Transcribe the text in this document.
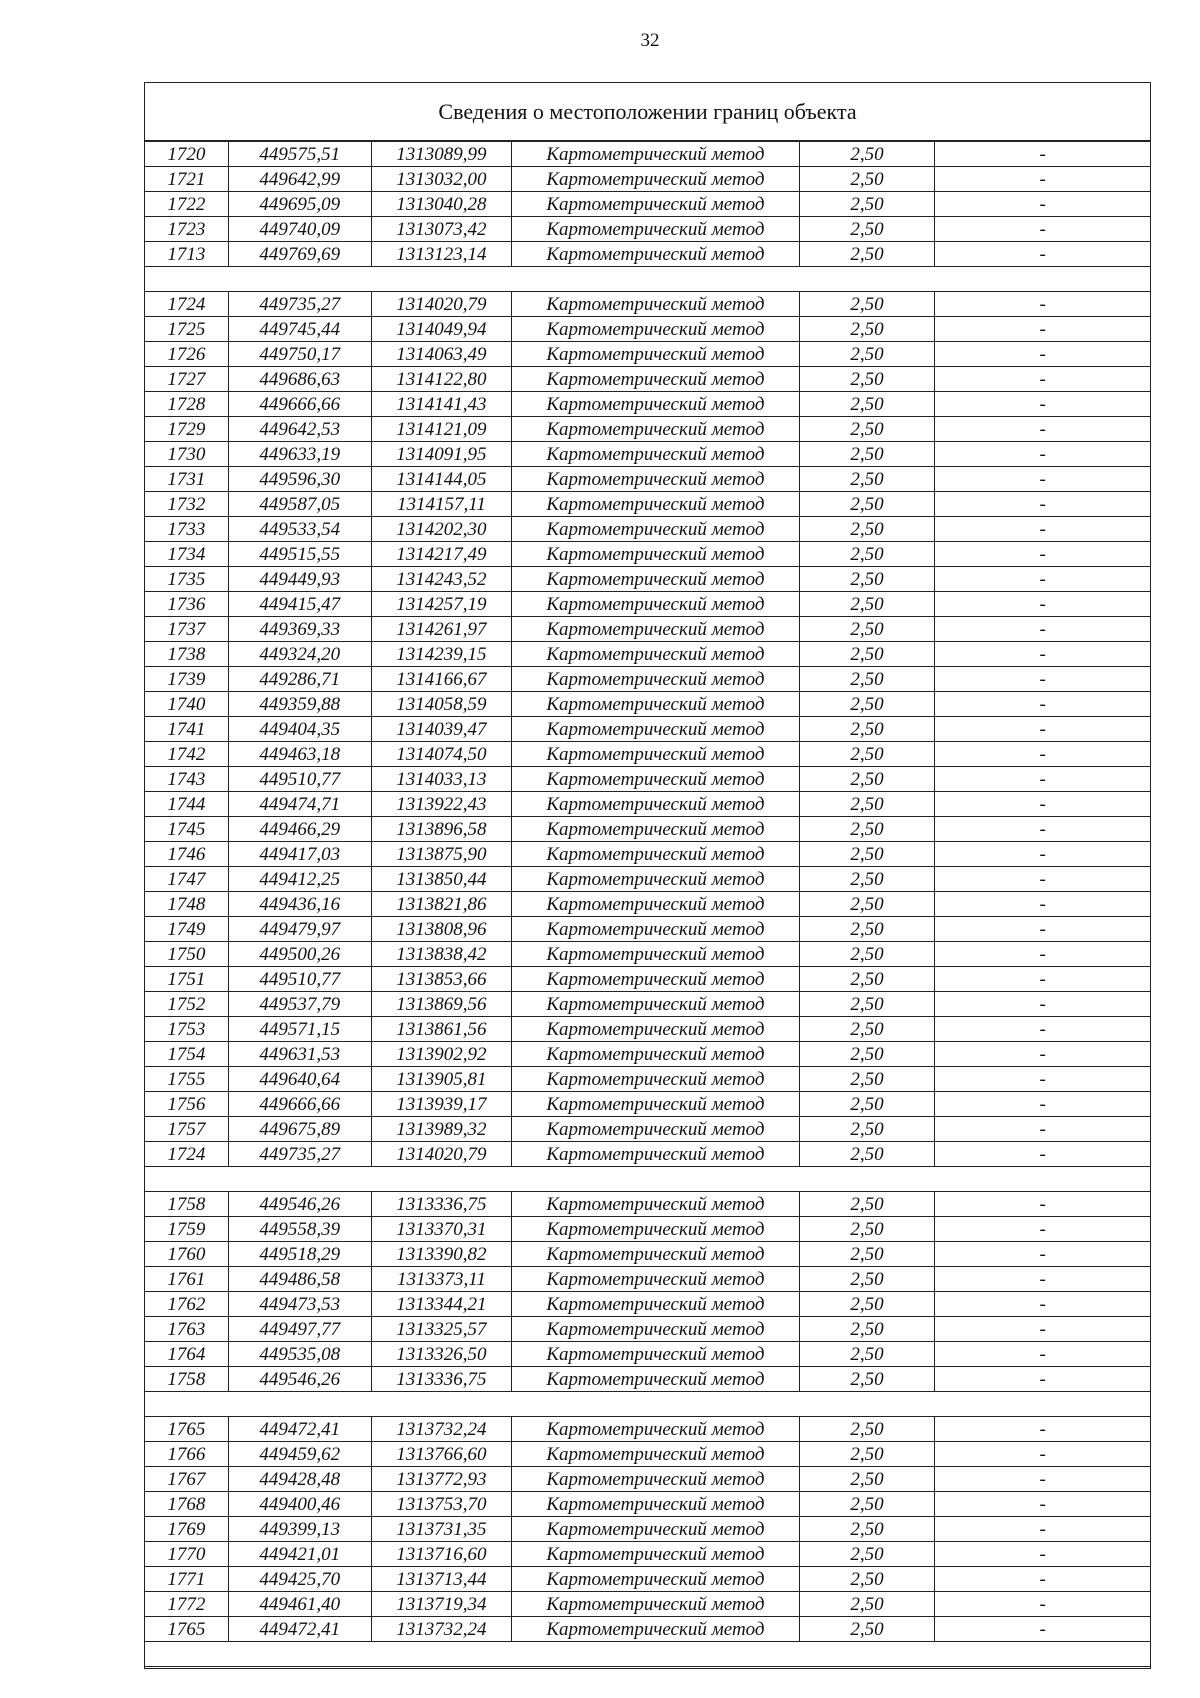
32
Сведения о местоположении границ объекта
1720	449575,51	1313089,99	Картометрический метод	2,50	-
1721	449642,99	1313032,00	Картометрический метод	2,50	-
1722	449695,09	1313040,28	Картометрический метод	2,50	-
1723	449740,09	1313073,42	Картометрический метод	2,50	-
1713	449769,69	1313123,14	Картометрический метод	2,50	-
1724	449735,27	1314020,79	Картометрический метод	2,50	-
1725	449745,44	1314049,94	Картометрический метод	2,50	-
1726	449750,17	1314063,49	Картометрический метод	2,50	-
1727	449686,63	1314122,80	Картометрический метод	2,50	-
1728	449666,66	1314141,43	Картометрический метод	2,50	-
1729	449642,53	1314121,09	Картометрический метод	2,50	-
1730	449633,19	1314091,95	Картометрический метод	2,50	-
1731	449596,30	1314144,05	Картометрический метод	2,50	-
1732	449587,05	1314157,11	Картометрический метод	2,50	-
1733	449533,54	1314202,30	Картометрический метод	2,50	-
1734	449515,55	1314217,49	Картометрический метод	2,50	-
1735	449449,93	1314243,52	Картометрический метод	2,50	-
1736	449415,47	1314257,19	Картометрический метод	2,50	-
1737	449369,33	1314261,97	Картометрический метод	2,50	-
1738	449324,20	1314239,15	Картометрический метод	2,50	-
1739	449286,71	1314166,67	Картометрический метод	2,50	-
1740	449359,88	1314058,59	Картометрический метод	2,50	-
1741	449404,35	1314039,47	Картометрический метод	2,50	-
1742	449463,18	1314074,50	Картометрический метод	2,50	-
1743	449510,77	1314033,13	Картометрический метод	2,50	-
1744	449474,71	1313922,43	Картометрический метод	2,50	-
1745	449466,29	1313896,58	Картометрический метод	2,50	-
1746	449417,03	1313875,90	Картометрический метод	2,50	-
1747	449412,25	1313850,44	Картометрический метод	2,50	-
1748	449436,16	1313821,86	Картометрический метод	2,50	-
1749	449479,97	1313808,96	Картометрический метод	2,50	-
1750	449500,26	1313838,42	Картометрический метод	2,50	-
1751	449510,77	1313853,66	Картометрический метод	2,50	-
1752	449537,79	1313869,56	Картометрический метод	2,50	-
1753	449571,15	1313861,56	Картометрический метод	2,50	-
1754	449631,53	1313902,92	Картометрический метод	2,50	-
1755	449640,64	1313905,81	Картометрический метод	2,50	-
1756	449666,66	1313939,17	Картометрический метод	2,50	-
1757	449675,89	1313989,32	Картометрический метод	2,50	-
1724	449735,27	1314020,79	Картометрический метод	2,50	-
1758	449546,26	1313336,75	Картометрический метод	2,50	-
1759	449558,39	1313370,31	Картометрический метод	2,50	-
1760	449518,29	1313390,82	Картометрический метод	2,50	-
1761	449486,58	1313373,11	Картометрический метод	2,50	-
1762	449473,53	1313344,21	Картометрический метод	2,50	-
1763	449497,77	1313325,57	Картометрический метод	2,50	-
1764	449535,08	1313326,50	Картометрический метод	2,50	-
1758	449546,26	1313336,75	Картометрический метод	2,50	-
1765	449472,41	1313732,24	Картометрический метод	2,50	-
1766	449459,62	1313766,60	Картометрический метод	2,50	-
1767	449428,48	1313772,93	Картометрический метод	2,50	-
1768	449400,46	1313753,70	Картометрический метод	2,50	-
1769	449399,13	1313731,35	Картометрический метод	2,50	-
1770	449421,01	1313716,60	Картометрический метод	2,50	-
1771	449425,70	1313713,44	Картометрический метод	2,50	-
1772	449461,40	1313719,34	Картометрический метод	2,50	-
1765	449472,41	1313732,24	Картометрический метод	2,50	-
